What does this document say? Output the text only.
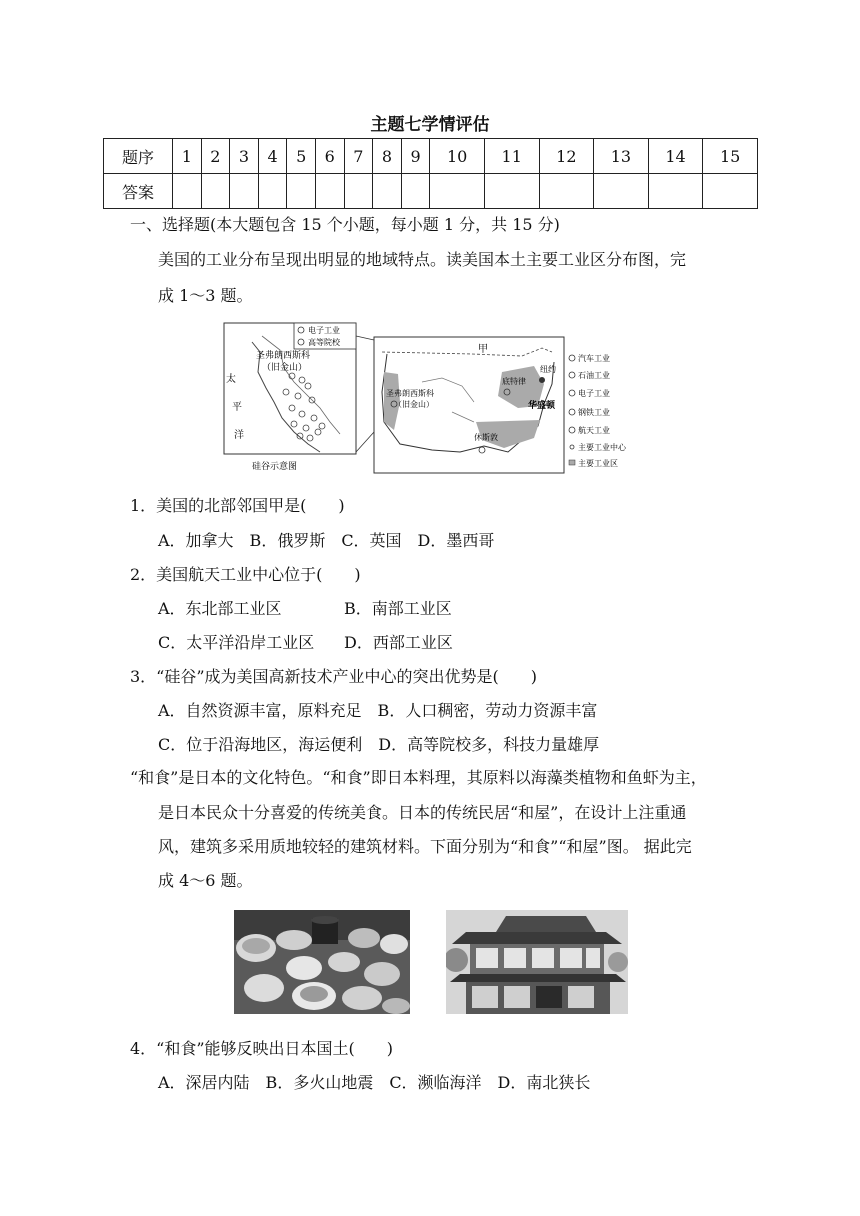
主题七学情评估
题序	1	2	3	4	5	6	7	8	9	10	11	12	13	14	15
答案															
一、选择题(本大题包含 15 个小题，每小题 1 分，共 15 分)
美国的工业分布呈现出明显的地域特点。读美国本土主要工业区分布图，完
成 1～3 题。
电子工业
高等院校
圣弗朗西斯科
（旧金山）
太
平
洋
硅谷示意图
甲
圣弗朗西斯科
（旧金山）
底特律
纽约
华盛顿
休斯敦
汽车工业
石油工业
电子工业
钢铁工业
航天工业
主要工业中心
主要工业区
1．美国的北部邻国甲是(　　)
A．加拿大　B．俄罗斯　C．英国　D．墨西哥
2．美国航天工业中心位于(　　)
A．东北部工业区	B．南部工业区
C．太平洋沿岸工业区 D．西部工业区
3．“硅谷”成为美国高新技术产业中心的突出优势是(　　)
A．自然资源丰富，原料充足　B．人口稠密，劳动力资源丰富
C．位于沿海地区，海运便利　D．高等院校多，科技力量雄厚
“和食”是日本的文化特色。“和食”即日本料理，其原料以海藻类植物和鱼虾为主，
是日本民众十分喜爱的传统美食。日本的传统民居“和屋”，在设计上注重通
风，建筑多采用质地较轻的建筑材料。下面分别为“和食”“和屋”图。 据此完
成 4～6 题。
4．“和食”能够反映出日本国土(　　)
A．深居内陆　B．多火山地震　C．濒临海洋　D．南北狭长
